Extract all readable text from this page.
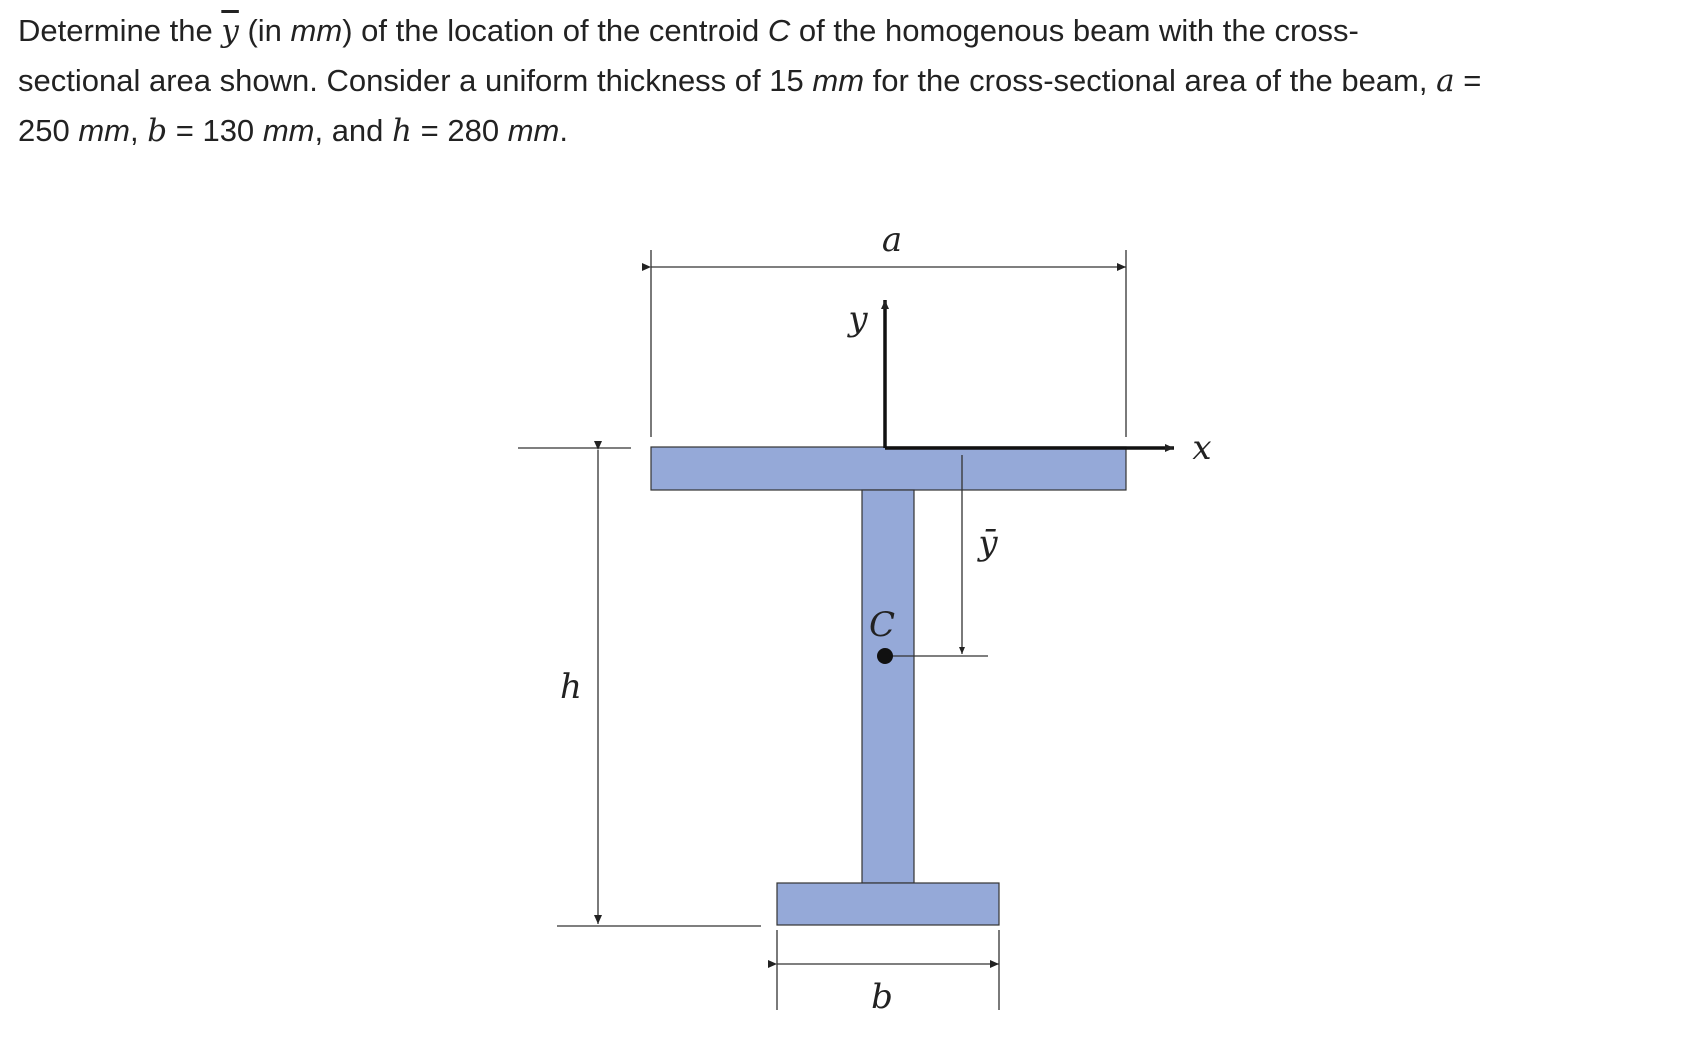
Determine the $\overline{y}$ (in mm) of the location of the centroid C of the homogenous beam with the cross-
sectional area shown. Consider a uniform thickness of 15 mm for the cross-sectional area of the beam, a =
250 mm, b = 130 mm, and h = 280 mm.
a
y
x
h
ȳ
C
b
